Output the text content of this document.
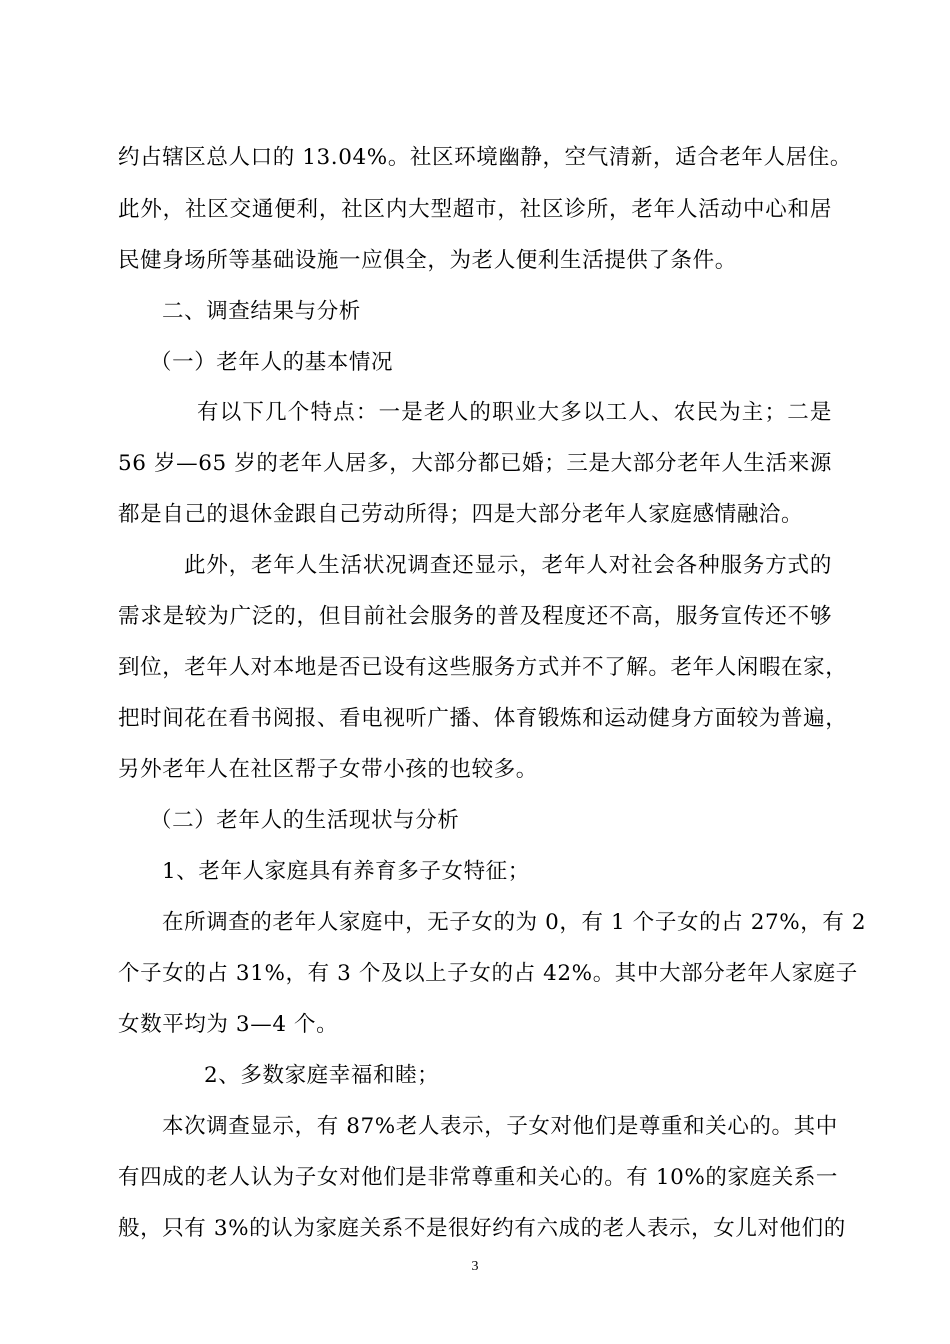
约占辖区总人口的 13.04%。社区环境幽静，空气清新，适合老年人居住。
此外，社区交通便利，社区内大型超市，社区诊所，老年人活动中心和居
民健身场所等基础设施一应俱全，为老人便利生活提供了条件。
二、调查结果与分析
（一）老年人的基本情况
有以下几个特点：一是老人的职业大多以工人、农民为主；二是
56 岁—65 岁的老年人居多，大部分都已婚；三是大部分老年人生活来源
都是自己的退休金跟自己劳动所得；四是大部分老年人家庭感情融洽。
此外，老年人生活状况调查还显示，老年人对社会各种服务方式的
需求是较为广泛的，但目前社会服务的普及程度还不高，服务宣传还不够
到位，老年人对本地是否已设有这些服务方式并不了解。老年人闲暇在家，
把时间花在看书阅报、看电视听广播、体育锻炼和运动健身方面较为普遍，
另外老年人在社区帮子女带小孩的也较多。
（二）老年人的生活现状与分析
1、老年人家庭具有养育多子女特征；
在所调查的老年人家庭中，无子女的为 0，有 1 个子女的占 27%，有 2
个子女的占 31%，有 3 个及以上子女的占 42%。其中大部分老年人家庭子
女数平均为 3—4 个。
2、多数家庭幸福和睦；
本次调查显示，有 87%老人表示，子女对他们是尊重和关心的。其中
有四成的老人认为子女对他们是非常尊重和关心的。有 10%的家庭关系一
般，只有 3%的认为家庭关系不是很好约有六成的老人表示，女儿对他们的
3
